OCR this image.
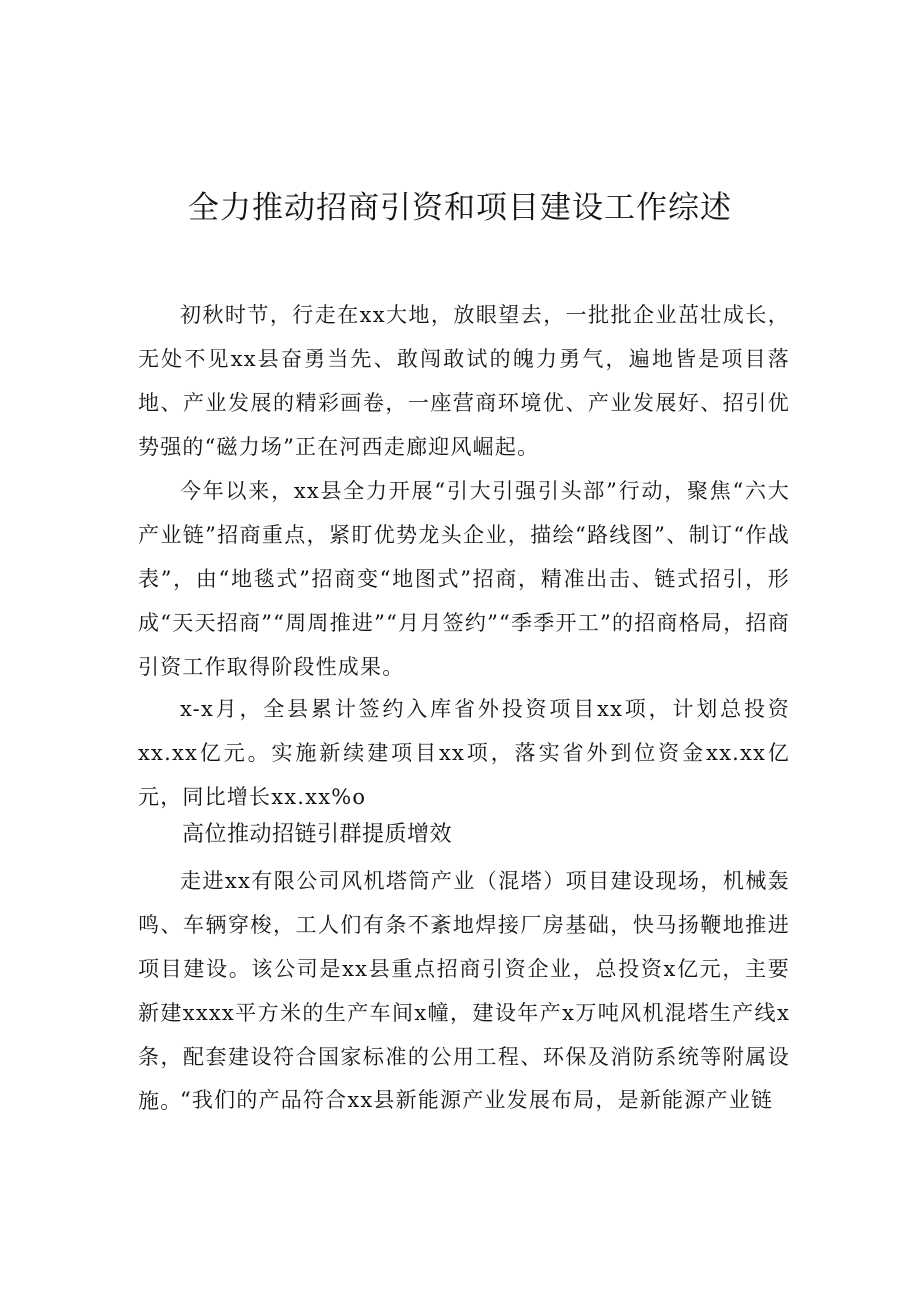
全力推动招商引资和项目建设工作综述

初秋时节，行走在xx大地，放眼望去，一批批企业茁壮成长，无处不见xx县奋勇当先、敢闯敢试的魄力勇气，遍地皆是项目落地、产业发展的精彩画卷，一座营商环境优、产业发展好、招引优势强的“磁力场”正在河西走廊迎风崛起。

今年以来，xx县全力开展“引大引强引头部”行动，聚焦“六大产业链”招商重点，紧盯优势龙头企业，描绘“路线图”、制订“作战表”，由“地毯式”招商变“地图式”招商，精准出击、链式招引，形成“天天招商”“周周推进”“月月签约”“季季开工”的招商格局，招商引资工作取得阶段性成果。

x-x月，全县累计签约入库省外投资项目xx项，计划总投资xx.xx亿元。实施新续建项目xx项，落实省外到位资金xx.xx亿元，同比增长xx.xx%o

高位推动招链引群提质增效

走进xx有限公司风机塔筒产业（混塔）项目建设现场，机械轰鸣、车辆穿梭，工人们有条不紊地焊接厂房基础，快马扬鞭地推进项目建设。该公司是xx县重点招商引资企业，总投资x亿元，主要新建xxxx平方米的生产车间x幢，建设年产x万吨风机混塔生产线x条，配套建设符合国家标准的公用工程、环保及消防系统等附属设施。

“我们的产品符合xx县新能源产业发展布局，是新能源产业链
